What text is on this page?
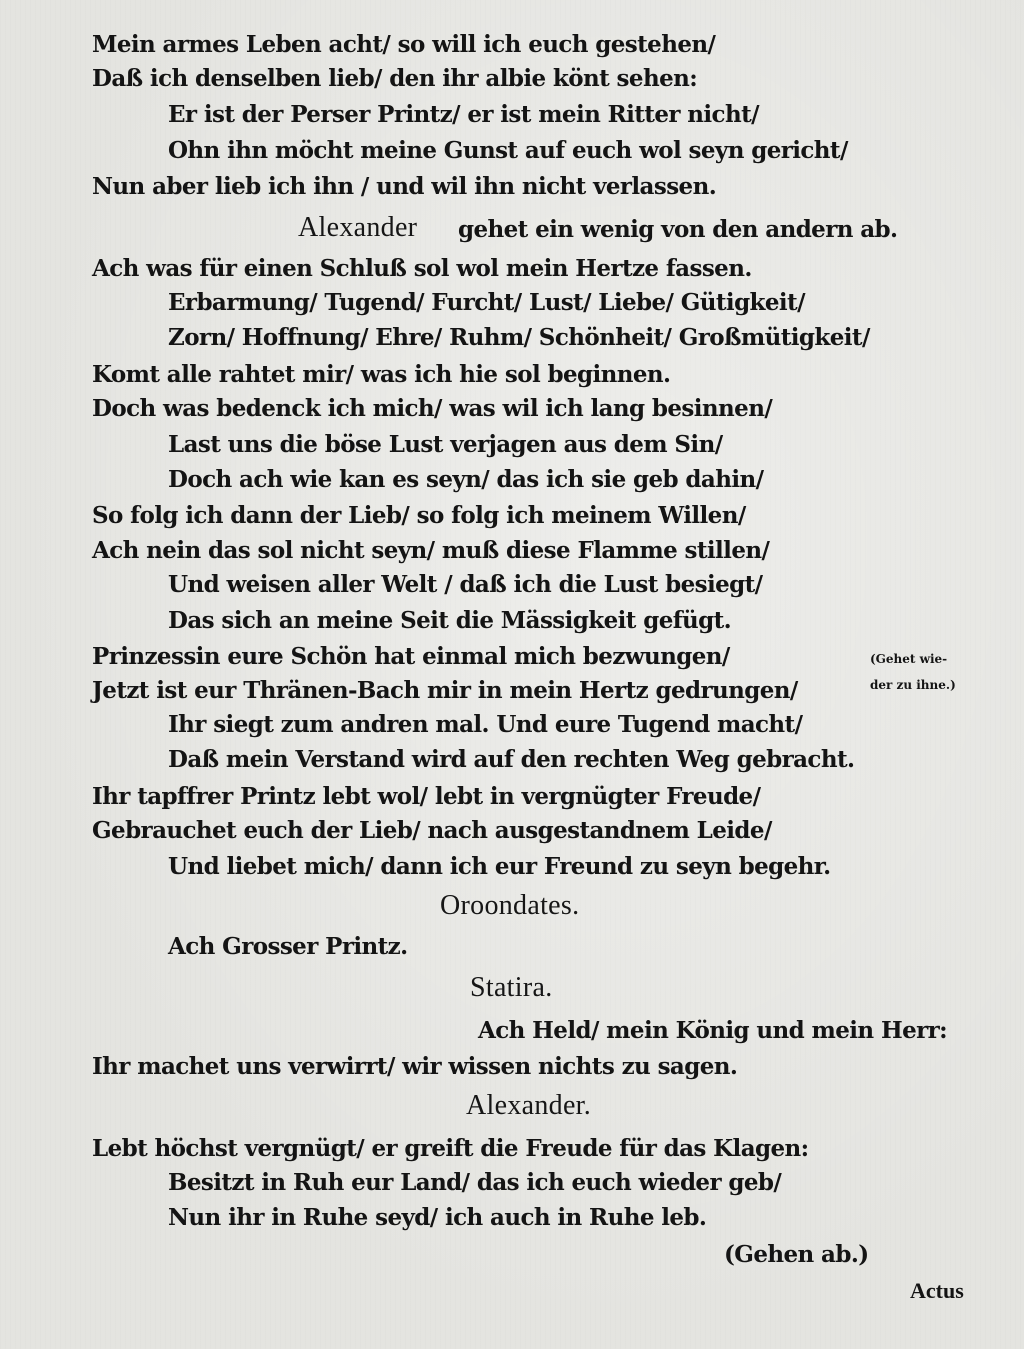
Mein armes Leben acht/ so will ich euch gestehen/
Daß ich denselben lieb/ den ihr albie könt sehen:
Er ist der Perser Printz/ er ist mein Ritter nicht/
Ohn ihn möcht meine Gunst auf euch wol seyn gericht/
Nun aber lieb ich ihn / und wil ihn nicht verlassen.
Alexander gehet ein wenig von den andern ab.
Ach was für einen Schluß sol wol mein Hertze fassen.
Erbarmung/ Tugend/ Furcht/ Lust/ Liebe/ Gütigkeit/
Zorn/ Hoffnung/ Ehre/ Ruhm/ Schönheit/ Großmütigkeit/
Komt alle rahtet mir/ was ich hie sol beginnen.
Doch was bedenck ich mich/ was wil ich lang besinnen/
Last uns die böse Lust verjagen aus dem Sin/
Doch ach wie kan es seyn/ das ich sie geb dahin/
So folg ich dann der Lieb/ so folg ich meinem Willen/
Ach nein das sol nicht seyn/ muß diese Flamme stillen/
Und weisen aller Welt / daß ich die Lust besiegt/
Das sich an meine Seit die Mässigkeit gefügt.
Prinzessin eure Schön hat einmal mich bezwungen/
Jetzt ist eur Thränen-Bach mir in mein Hertz gedrungen/
(Gehet wie-
der zu ihne.)
Ihr siegt zum andren mal. Und eure Tugend macht/
Daß mein Verstand wird auf den rechten Weg gebracht.
Ihr tapffrer Printz lebt wol/ lebt in vergnügter Freude/
Gebrauchet euch der Lieb/ nach ausgestandnem Leide/
Und liebet mich/ dann ich eur Freund zu seyn begehr.
Oroondates.
Ach Grosser Printz.
Statira.
Ach Held/ mein König und mein Herr:
Ihr machet uns verwirrt/ wir wissen nichts zu sagen.
Alexander.
Lebt höchst vergnügt/ er greift die Freude für das Klagen:
Besitzt in Ruh eur Land/ das ich euch wieder geb/
Nun ihr in Ruhe seyd/ ich auch in Ruhe leb.
(Gehen ab.)
Actus
